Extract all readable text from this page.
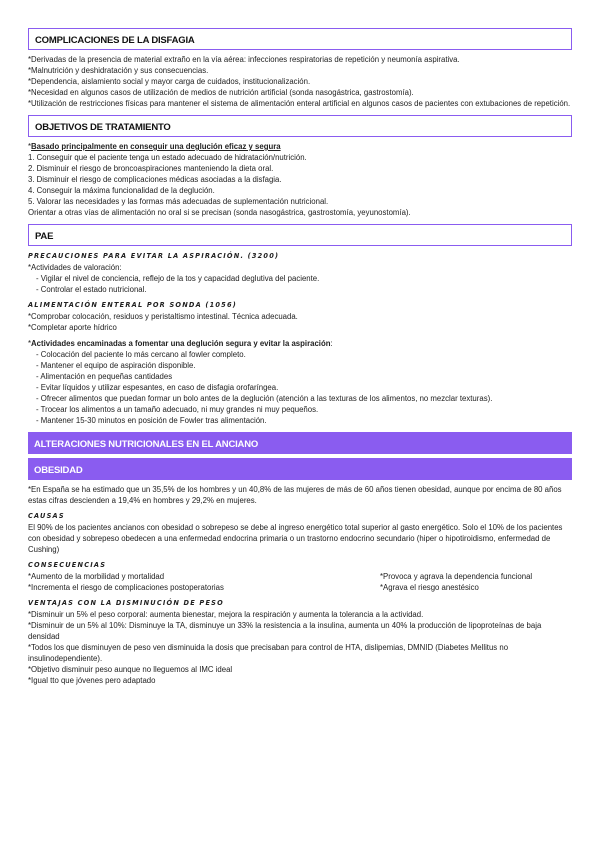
COMPLICACIONES DE LA DISFAGIA

*Derivadas de la presencia de material extraño en la vía aérea: infecciones respiratorias de repetición y neumonía aspirativa.

*Malnutrición y deshidratación y sus consecuencias.

*Dependencia, aislamiento social y mayor carga de cuidados, institucionalización.

*Necesidad en algunos casos de utilización de medios de nutrición artificial (sonda nasogástrica, gastrostomía).

*Utilización de restricciones físicas para mantener el sistema de alimentación enteral artificial en algunos casos de pacientes con extubaciones de repetición.

OBJETIVOS DE TRATAMIENTO

*Basado principalmente en conseguir una deglución eficaz y segura

1. Conseguir que el paciente tenga un estado adecuado de hidratación/nutrición.

2. Disminuir el riesgo de broncoaspiraciones manteniendo la dieta oral.

3. Disminuir el riesgo de complicaciones médicas asociadas a la disfagia.

4. Conseguir la máxima funcionalidad de la deglución.

5. Valorar las necesidades y las formas más adecuadas de suplementación nutricional.

Orientar a otras vías de alimentación no oral si se precisan (sonda nasogástrica, gastrostomía, yeyunostomía).

PAE
PRECAUCIONES PARA EVITAR LA ASPIRACIÓN. (3200)

*Actividades de valoración:

- Vigilar el nivel de conciencia, reflejo de la tos y capacidad deglutiva del paciente.

- Controlar el estado nutricional.

ALIMENTACIÓN ENTERAL POR SONDA (1056)

*Comprobar colocación, residuos y peristaltismo intestinal. Técnica adecuada.

*Completar aporte hídrico

*Actividades encaminadas a fomentar una deglución segura y evitar la aspiración:

- Colocación del paciente lo más cercano al fowler completo.

- Mantener el equipo de aspiración disponible.

- Alimentación en pequeñas cantidades

- Evitar líquidos y utilizar espesantes, en caso de disfagia orofaríngea.

- Ofrecer alimentos que puedan formar un bolo antes de la deglución (atención a las texturas de los alimentos, no mezclar texturas).

- Trocear los alimentos a un tamaño adecuado, ni muy grandes ni muy pequeños.

- Mantener 15-30 minutos en posición de Fowler tras alimentación.

ALTERACIONES NUTRICIONALES EN EL ANCIANO
OBESIDAD

*En España se ha estimado que un 35,5% de los hombres y un 40,8% de las mujeres de más de 60 años tienen obesidad, aunque por encima de 80 años estas cifras descienden a 19,4% en hombres y 29,2% en mujeres.

CAUSAS

El 90% de los pacientes ancianos con obesidad o sobrepeso se debe al ingreso energético total superior al gasto energético. Solo el 10% de los pacientes con obesidad y sobrepeso obedecen a una enfermedad endocrina primaria o un trastorno endocrino secundario (hiper o hipotiroidismo, enfermedad de Cushing)

CONSECUENCIAS

*Aumento de la morbilidad y mortalidad

*Incrementa el riesgo de complicaciones postoperatorias

*Provoca y agrava la dependencia funcional

*Agrava el riesgo anestésico

VENTAJAS CON LA DISMINUCIÓN DE PESO

*Disminuir un 5% el peso corporal: aumenta bienestar, mejora la respiración y aumenta la tolerancia a la actividad.

*Disminuir de un 5% al 10%: Disminuye la TA, disminuye un 33% la resistencia a la insulina, aumenta un 40% la producción de lipoproteínas de baja densidad

*Todos los que disminuyen de peso ven disminuida la dosis que precisaban para control de HTA, dislipemias, DMNID (Diabetes Mellitus no insulinodependiente).

*Objetivo disminuir peso aunque no lleguemos al IMC ideal

*Igual tto que jóvenes pero adaptado
